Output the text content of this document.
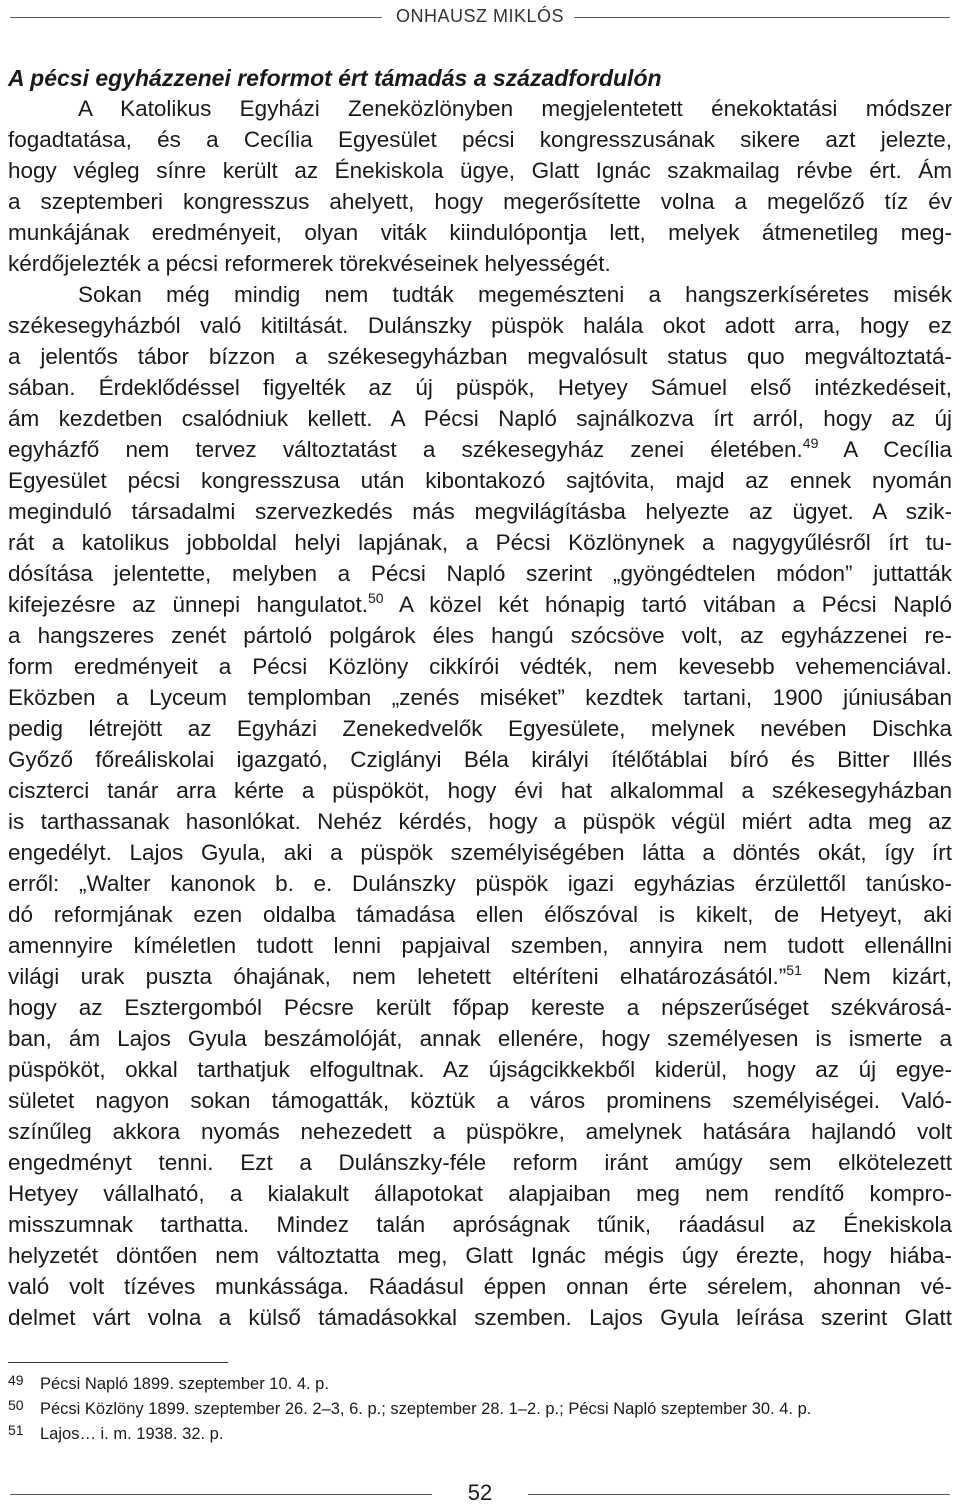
ONHAUSZ MIKLÓS
A pécsi egyházzenei reformot ért támadás a századfordulón
A Katolikus Egyházi Zeneközlönyben megjelentetett énekoktatási módszer
fogadtatása, és a Cecília Egyesület pécsi kongresszusának sikere azt jelezte,
hogy végleg sínre került az Énekiskola ügye, Glatt Ignác szakmailag révbe ért. Ám
a szeptemberi kongresszus ahelyett, hogy megerősítette volna a megelőző tíz év
munkájának eredményeit, olyan viták kiindulópontja lett, melyek átmenetileg meg-
kérdőjelezték a pécsi reformerek törekvéseinek helyességét.
Sokan még mindig nem tudták megemészteni a hangszerkíséretes misék
székesegyházból való kitiltását. Dulánszky püspök halála okot adott arra, hogy ez
a jelentős tábor bízzon a székesegyházban megvalósult status quo megváltoztatá-
sában. Érdeklődéssel figyelték az új püspök, Hetyey Sámuel első intézkedéseit,
ám kezdetben csalódniuk kellett. A Pécsi Napló sajnálkozva írt arról, hogy az új
egyházfő nem tervez változtatást a székesegyház zenei életében.$^{49}$ A Cecília
Egyesület pécsi kongresszusa után kibontakozó sajtóvita, majd az ennek nyomán
meginduló társadalmi szervezkedés más megvilágításba helyezte az ügyet. A szik-
rát a katolikus jobboldal helyi lapjának, a Pécsi Közlönynek a nagygyűlésről írt tu-
dósítása jelentette, melyben a Pécsi Napló szerint „gyöngédtelen módon” juttatták
kifejezésre az ünnepi hangulatot.$^{50}$ A közel két hónapig tartó vitában a Pécsi Napló
a hangszeres zenét pártoló polgárok éles hangú szócsöve volt, az egyházzenei re-
form eredményeit a Pécsi Közlöny cikkírói védték, nem kevesebb vehemenciával.
Eközben a Lyceum templomban „zenés miséket” kezdtek tartani, 1900 júniusában
pedig létrejött az Egyházi Zenekedvelők Egyesülete, melynek nevében Dischka
Győző főreáliskolai igazgató, Cziglányi Béla királyi ítélőtáblai bíró és Bitter Illés
ciszterci tanár arra kérte a püspököt, hogy évi hat alkalommal a székesegyházban
is tarthassanak hasonlókat. Nehéz kérdés, hogy a püspök végül miért adta meg az
engedélyt. Lajos Gyula, aki a püspök személyiségében látta a döntés okát, így írt
erről: „Walter kanonok b. e. Dulánszky püspök igazi egyházias érzülettől tanúsko-
dó reformjának ezen oldalba támadása ellen élőszóval is kikelt, de Hetyeyt, aki
amennyire kíméletlen tudott lenni papjaival szemben, annyira nem tudott ellenállni
világi urak puszta óhajának, nem lehetett eltéríteni elhatározásától.”$^{51}$ Nem kizárt,
hogy az Esztergomból Pécsre került főpap kereste a népszerűséget székvárosá-
ban, ám Lajos Gyula beszámolóját, annak ellenére, hogy személyesen is ismerte a
püspököt, okkal tarthatjuk elfogultnak. Az újságcikkekből kiderül, hogy az új egye-
sületet nagyon sokan támogatták, köztük a város prominens személyiségei. Való-
színűleg akkora nyomás nehezedett a püspökre, amelynek hatására hajlandó volt
engedményt tenni. Ezt a Dulánszky-féle reform iránt amúgy sem elkötelezett
Hetyey vállalható, a kialakult állapotokat alapjaiban meg nem rendítő kompro-
misszumnak tarthatta. Mindez talán apróságnak tűnik, ráadásul az Énekiskola
helyzetét döntően nem változtatta meg, Glatt Ignác mégis úgy érezte, hogy hiába-
való volt tízéves munkássága. Ráadásul éppen onnan érte sérelem, ahonnan vé-
delmet várt volna a külső támadásokkal szemben. Lajos Gyula leírása szerint Glatt
49 Pécsi Napló 1899. szeptember 10. 4. p.
50 Pécsi Közlöny 1899. szeptember 26. 2–3, 6. p.; szeptember 28. 1–2. p.; Pécsi Napló szeptember 30. 4. p.
51 Lajos… i. m. 1938. 32. p.
52
